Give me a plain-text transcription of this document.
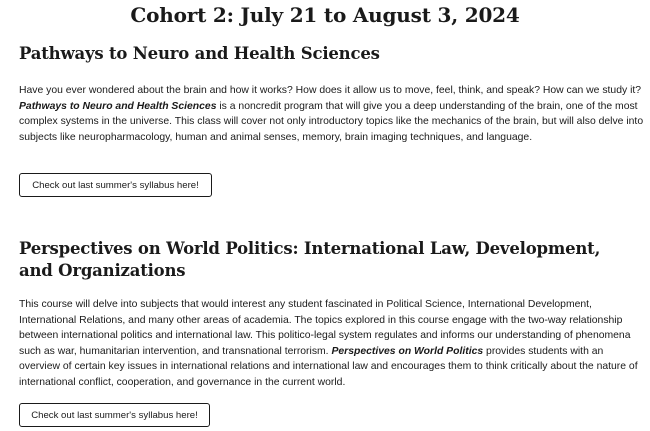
Cohort 2: July 21 to August 3, 2024
Pathways to Neuro and Health Sciences

Have you ever wondered about the brain and how it works? How does it allow us to move, feel, think, and speak? How can we study it? Pathways to Neuro and Health Sciences is a noncredit program that will give you a deep understanding of the brain, one of the most complex systems in the universe. This class will cover not only introductory topics like the mechanics of the brain, but will also delve into subjects like neuropharmacology, human and animal senses, memory, brain imaging techniques, and language.

Check out last summer's syllabus here!
Perspectives on World Politics: International Law, Development, and Organizations

This course will delve into subjects that would interest any student fascinated in Political Science, International Development, International Relations, and many other areas of academia. The topics explored in this course engage with the two-way relationship between international politics and international law. This politico-legal system regulates and informs our understanding of phenomena such as war, humanitarian intervention, and transnational terrorism. Perspectives on World Politics provides students with an overview of certain key issues in international relations and international law and encourages them to think critically about the nature of international conflict, cooperation, and governance in the current world.

Check out last summer's syllabus here!
